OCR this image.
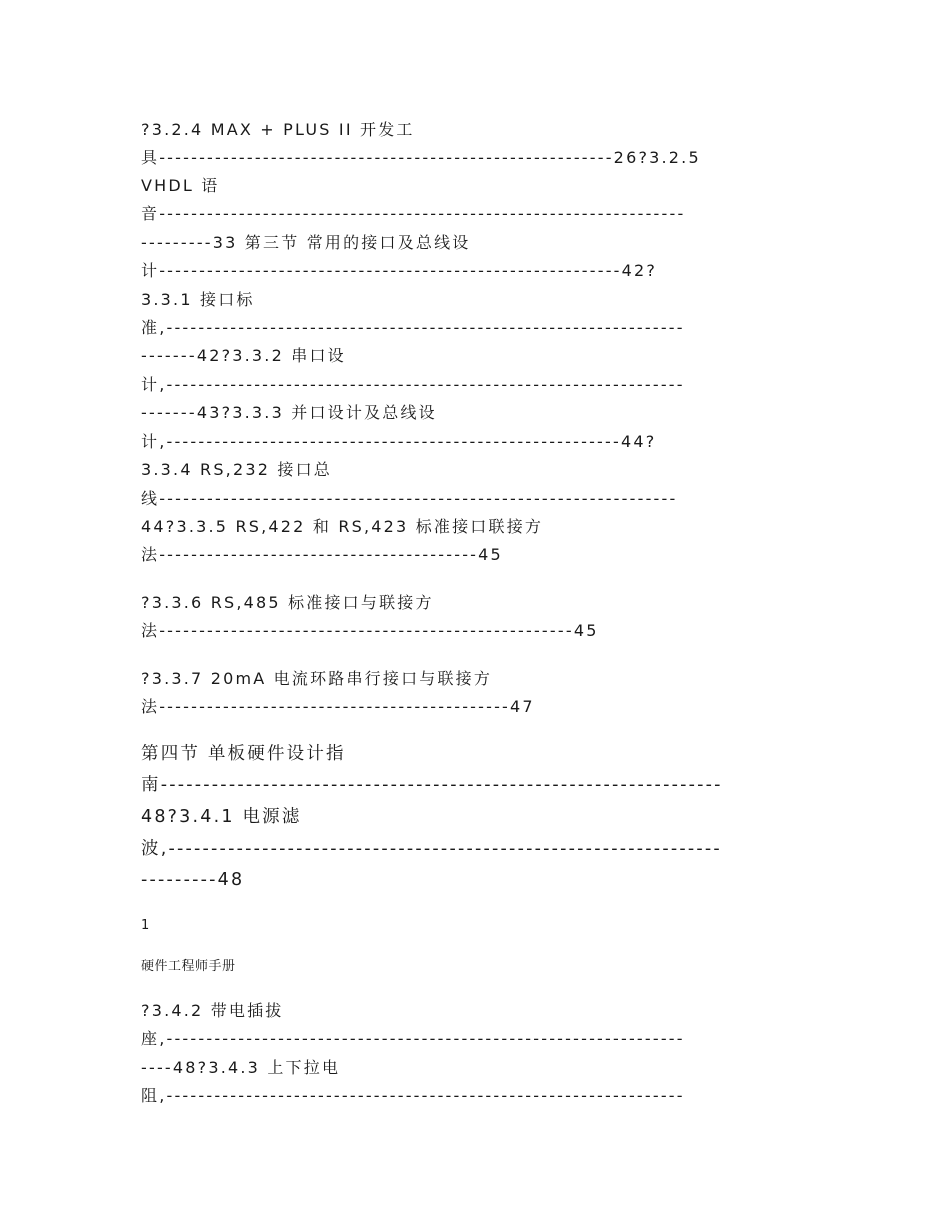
?3.2.4 MAX + PLUS II 开发工
具---------------------------------------------------------26?3.2.5
VHDL 语
音------------------------------------------------------------------
---------33 第三节 常用的接口及总线设
计----------------------------------------------------------42?
3.3.1 接口标
准,-----------------------------------------------------------------
-------42?3.3.2 串口设
计,-----------------------------------------------------------------
-------43?3.3.3 并口设计及总线设
计,---------------------------------------------------------44?
3.3.4 RS,232 接口总
线-----------------------------------------------------------------
44?3.3.5 RS,422 和 RS,423 标准接口联接方
法----------------------------------------45
?3.3.6 RS,485 标准接口与联接方
法----------------------------------------------------45
?3.3.7 20mA 电流环路串行接口与联接方
法--------------------------------------------47
第四节 单板硬件设计指
南------------------------------------------------------------------
48?3.4.1 电源滤
波,-----------------------------------------------------------------
---------48
1
硬件工程师手册
?3.4.2 带电插拔
座,-----------------------------------------------------------------
----48?3.4.3 上下拉电
阻,-----------------------------------------------------------------
